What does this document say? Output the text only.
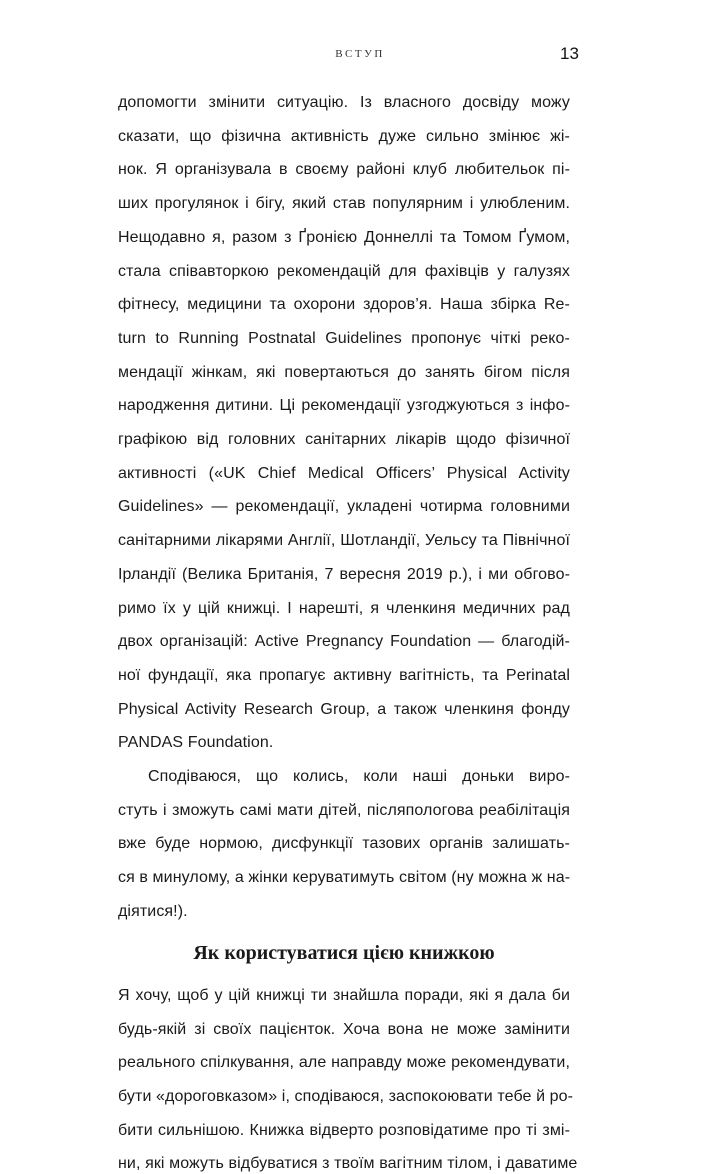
ВСТУП	13
допомогти змінити ситуацію. Із власного досвіду можу
сказати, що фізична активність дуже сильно змінює жі-
нок. Я організувала в своєму районі клуб любительок пі-
ших прогулянок і бігу, який став популярним і улюбленим.
Нещодавно я, разом з Ґронією Доннеллі та Томом Ґумом,
стала співавторкою рекомендацій для фахівців у галузях
фітнесу, медицини та охорони здоров’я. Наша збірка Re-
turn to Running Postnatal Guidelines пропонує чіткі реко-
мендації жінкам, які повертаються до занять бігом після
народження дитини. Ці рекомендації узгоджуються з інфо-
графікою від головних санітарних лікарів щодо фізичної
активності («UK Chief Medical Officers’ Physical Activity
Guidelines» — рекомендації, укладені чотирма головними
санітарними лікарями Англії, Шотландії, Уельсу та Північної
Ірландії (Велика Британія, 7 вересня 2019 р.), і ми обгово-
римо їх у цій книжці. І нарешті, я членкиня медичних рад
двох організацій: Active Pregnancy Foundation — благодій-
ної фундації, яка пропагує активну вагітність, та Perinatal
Physical Activity Research Group, а також членкиня фонду
PANDAS Foundation.
Сподіваюся, що колись, коли наші доньки виро-
стуть і зможуть самі мати дітей, післяпологова реабілітація
вже буде нормою, дисфункції тазових органів залишать-
ся в минулому, а жінки керуватимуть світом (ну можна ж на-
діятися!).
Як користуватися цією книжкою
Я хочу, щоб у цій книжці ти знайшла поради, які я дала би
будь-якій зі своїх пацієнток. Хоча вона не може замінити
реального спілкування, але направду може рекомендувати,
бути «дороговказом» і, сподіваюся, заспокоювати тебе й ро-
бити сильнішою. Книжка відверто розповідатиме про ті змі-
ни, які можуть відбуватися з твоїм вагітним тілом, і даватиме
